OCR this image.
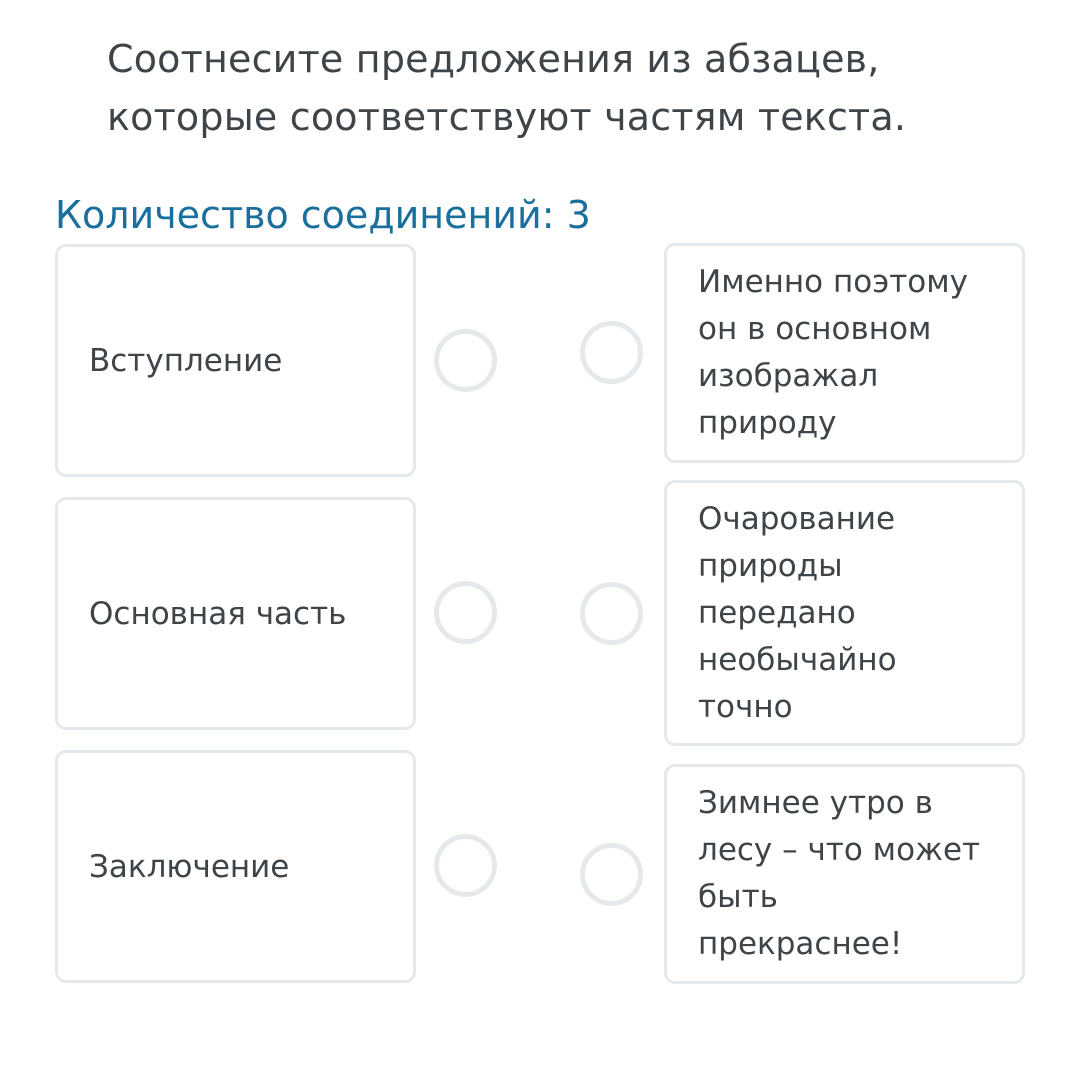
Соотнесите предложения из абзацев, которые соответствуют частям текста.
Количество соединений: 3
Вступление
Основная часть
Заключение
Именно поэтому
он в основном
изображал
природу
Очарование
природы
передано
необычайно
точно
Зимнее утро в
лесу – что может
быть
прекраснее!
